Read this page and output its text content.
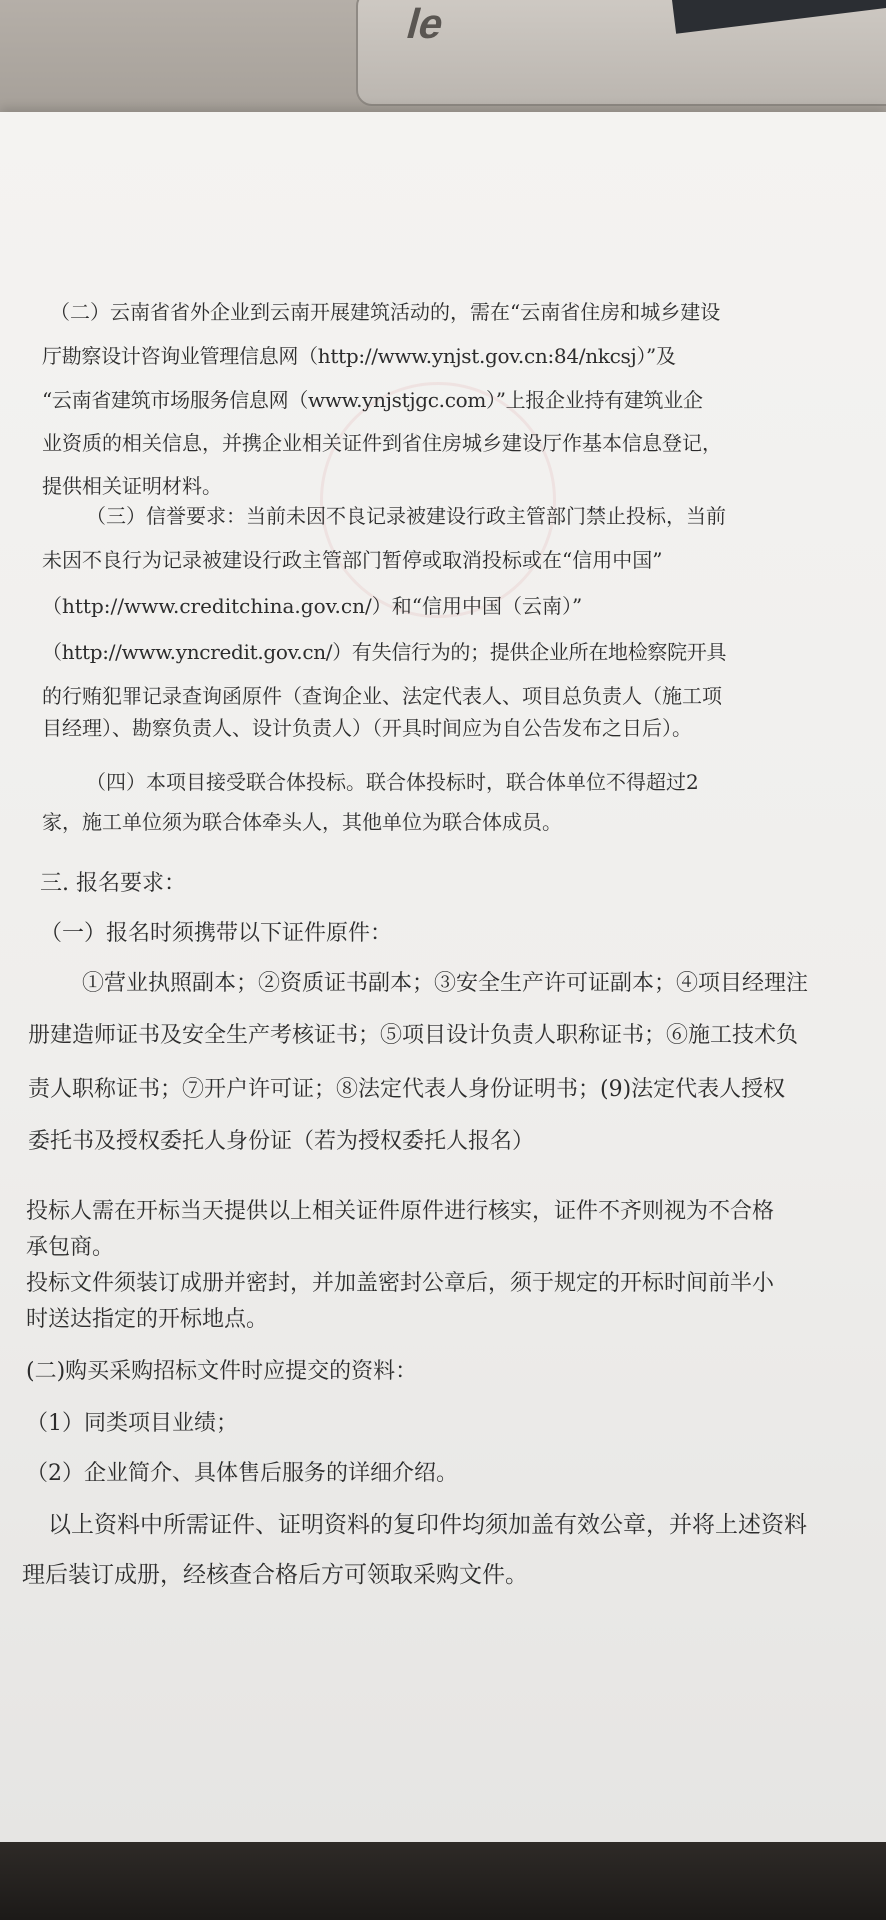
le

（二）云南省省外企业到云南开展建筑活动的，需在“云南省住房和城乡建设

厅勘察设计咨询业管理信息网（http://www.ynjst.gov.cn:84/nkcsj）”及

“云南省建筑市场服务信息网（www.ynjstjgc.com）”上报企业持有建筑业企

业资质的相关信息，并携企业相关证件到省住房城乡建设厅作基本信息登记，

提供相关证明材料。

（三）信誉要求：当前未因不良记录被建设行政主管部门禁止投标，当前

未因不良行为记录被建设行政主管部门暂停或取消投标或在“信用中国”

（http://www.creditchina.gov.cn/）和“信用中国（云南）”

（http://www.yncredit.gov.cn/）有失信行为的；提供企业所在地检察院开具

的行贿犯罪记录查询函原件（查询企业、法定代表人、项目总负责人（施工项

目经理）、勘察负责人、设计负责人）（开具时间应为自公告发布之日后）。

（四）本项目接受联合体投标。联合体投标时，联合体单位不得超过2

家，施工单位须为联合体牵头人，其他单位为联合体成员。

三. 报名要求：

（一）报名时须携带以下证件原件：

①营业执照副本；②资质证书副本；③安全生产许可证副本；④项目经理注

册建造师证书及安全生产考核证书；⑤项目设计负责人职称证书；⑥施工技术负

责人职称证书；⑦开户许可证；⑧法定代表人身份证明书；(9)法定代表人授权

委托书及授权委托人身份证（若为授权委托人报名）

投标人需在开标当天提供以上相关证件原件进行核实，证件不齐则视为不合格

承包商。

投标文件须装订成册并密封，并加盖密封公章后，须于规定的开标时间前半小

时送达指定的开标地点。

(二)购买采购招标文件时应提交的资料：

（1）同类项目业绩；

（2）企业简介、具体售后服务的详细介绍。

以上资料中所需证件、证明资料的复印件均须加盖有效公章，并将上述资料

理后装订成册，经核查合格后方可领取采购文件。
